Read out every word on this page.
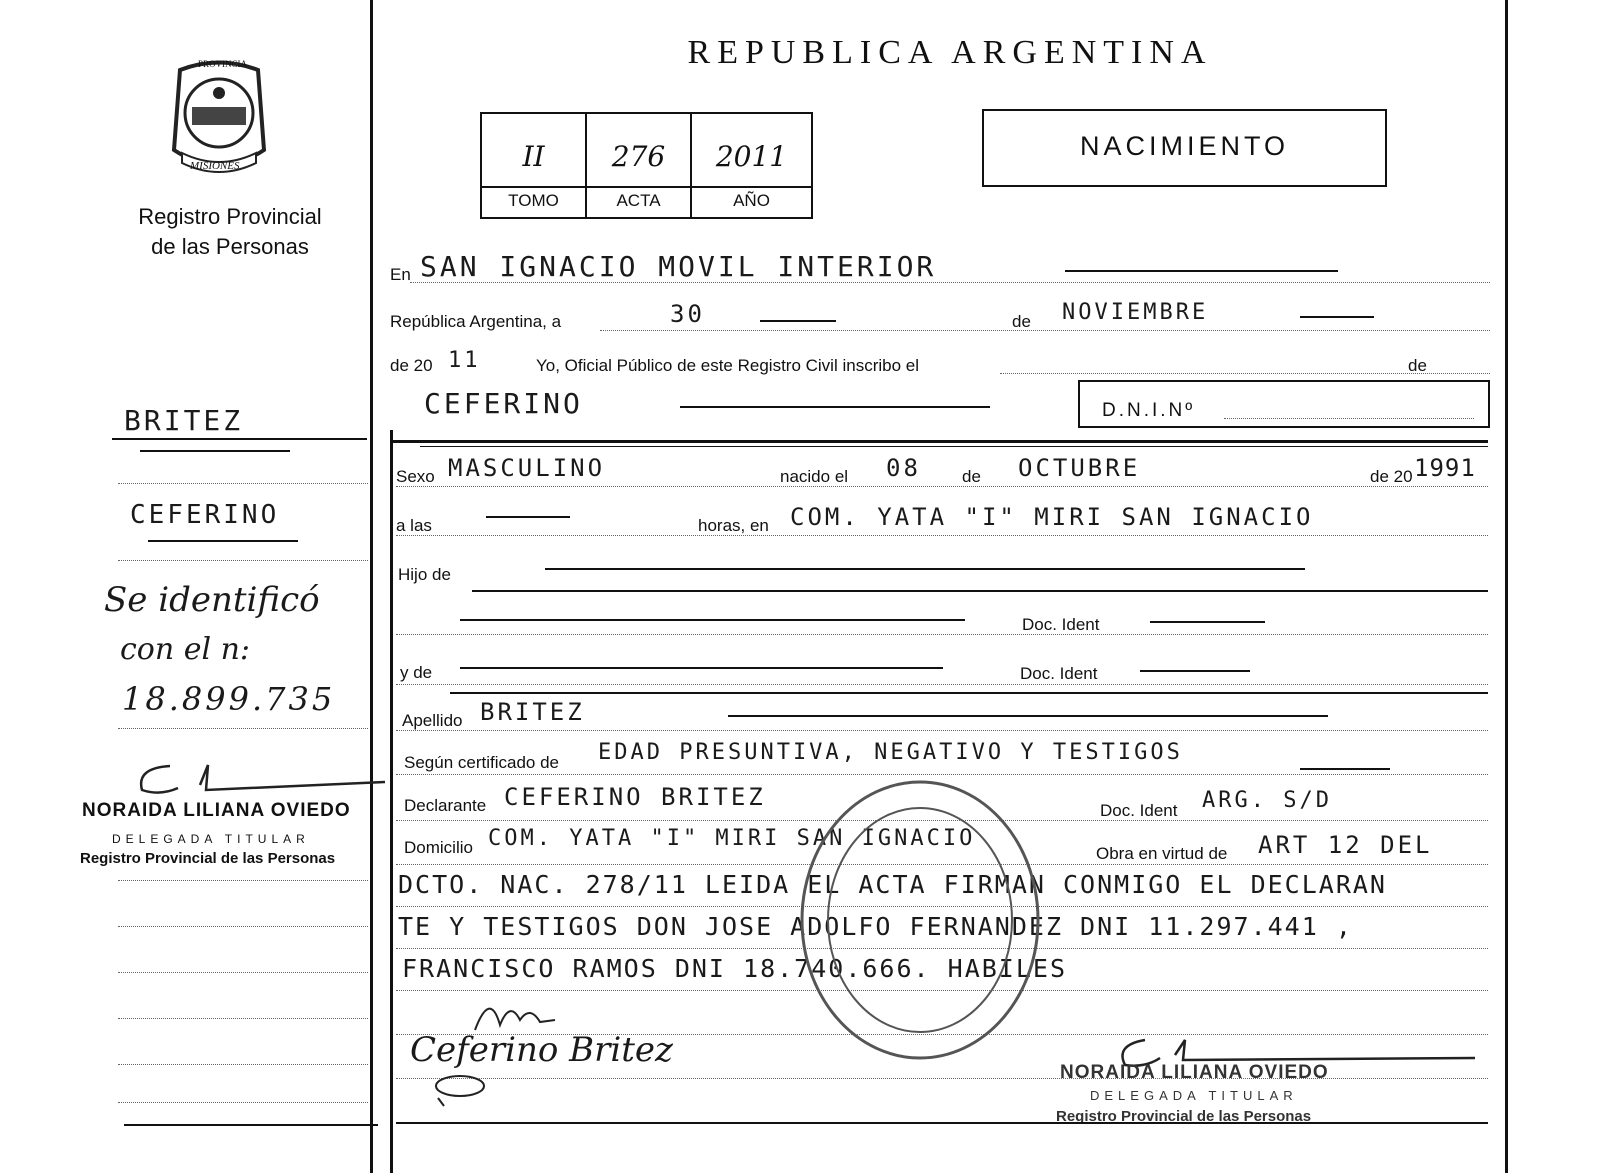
PROVINCIA
MISIONES
Registro Provincial
de las Personas
REPUBLICA ARGENTINA
II	276	2011
TOMO	ACTA	AÑO
NACIMIENTO
En SAN IGNACIO MOVIL INTERIOR
República Argentina, a	30	de NOVIEMBRE
de 20 11	Yo, Oficial Público de este Registro Civil inscribo el	de
CEFERINO	D.N.I.Nº
Sexo MASCULINO	nacido el 08 de OCTUBRE	de 20 1991
a las	horas, en COM. YATA "I" MIRI SAN IGNACIO
Hijo de
Doc. Ident
y de	Doc. Ident
Apellido BRITEZ
Según certificado de EDAD PRESUNTIVA, NEGATIVO Y TESTIGOS
Declarante CEFERINO BRITEZ	Doc. Ident ARG. S/D
Domicilio COM. YATA "I" MIRI SAN IGNACIO
Obra en virtud de ART 12 DEL
DCTO. NAC. 278/11 LEIDA EL ACTA FIRMAN CONMIGO EL DECLARAN
TE Y TESTIGOS DON JOSE ADOLFO FERNANDEZ DNI 11.297.441 ,
FRANCISCO RAMOS DNI 18.740.666. HABILES
Ceferino Britez
NORAIDA LILIANA OVIEDO
DELEGADA TITULAR
Registro Provincial de las Personas
BRITEZ
CEFERINO
Se identificó
con el n:
18.899.735
NORAIDA LILIANA OVIEDO
DELEGADA TITULAR
Registro Provincial de las Personas
